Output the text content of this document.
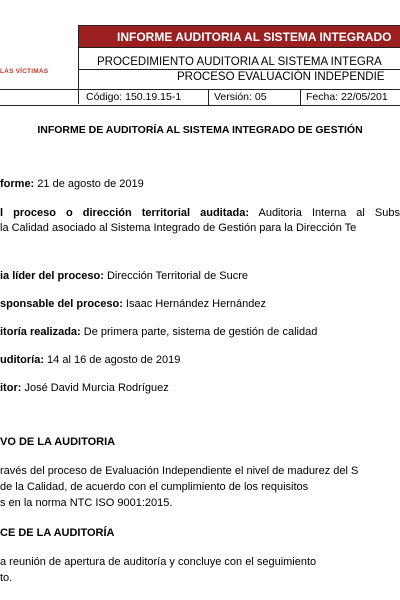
LAS VÍCTIMAS
INFORME AUDITORIA AL SISTEMA INTEGRADO
PROCEDIMIENTO AUDITORIA AL SISTEMA INTEGRA
PROCESO EVALUACIÓN INDEPENDIE
Código: 150.19.15-1	Versión: 05	Fecha: 22/05/201
INFORME DE AUDITORÍA AL SISTEMA INTEGRADO DE GESTIÓN
forme: 21 de agosto de 2019
l proceso o dirección territorial auditada: Auditoria Interna al Subs
la Calidad asociado al Sistema Integrado de Gestión para la Dirección Te
ia líder del proceso: Dirección Territorial de Sucre
sponsable del proceso: Isaac Hernández Hernández
itoría realizada: De primera parte, sistema de gestión de calidad
uditoría: 14 al 16 de agosto de 2019
itor: José David Murcia Rodríguez
VO DE LA AUDITORIA
ravés del proceso de Evaluación Independiente el nivel de madurez del S
de la Calidad, de acuerdo con el cumplimiento de los requisitos
s en la norma NTC ISO 9001:2015.
CE DE LA AUDITORÍA
a reunión de apertura de auditoría y concluye con el seguimiento
to.
